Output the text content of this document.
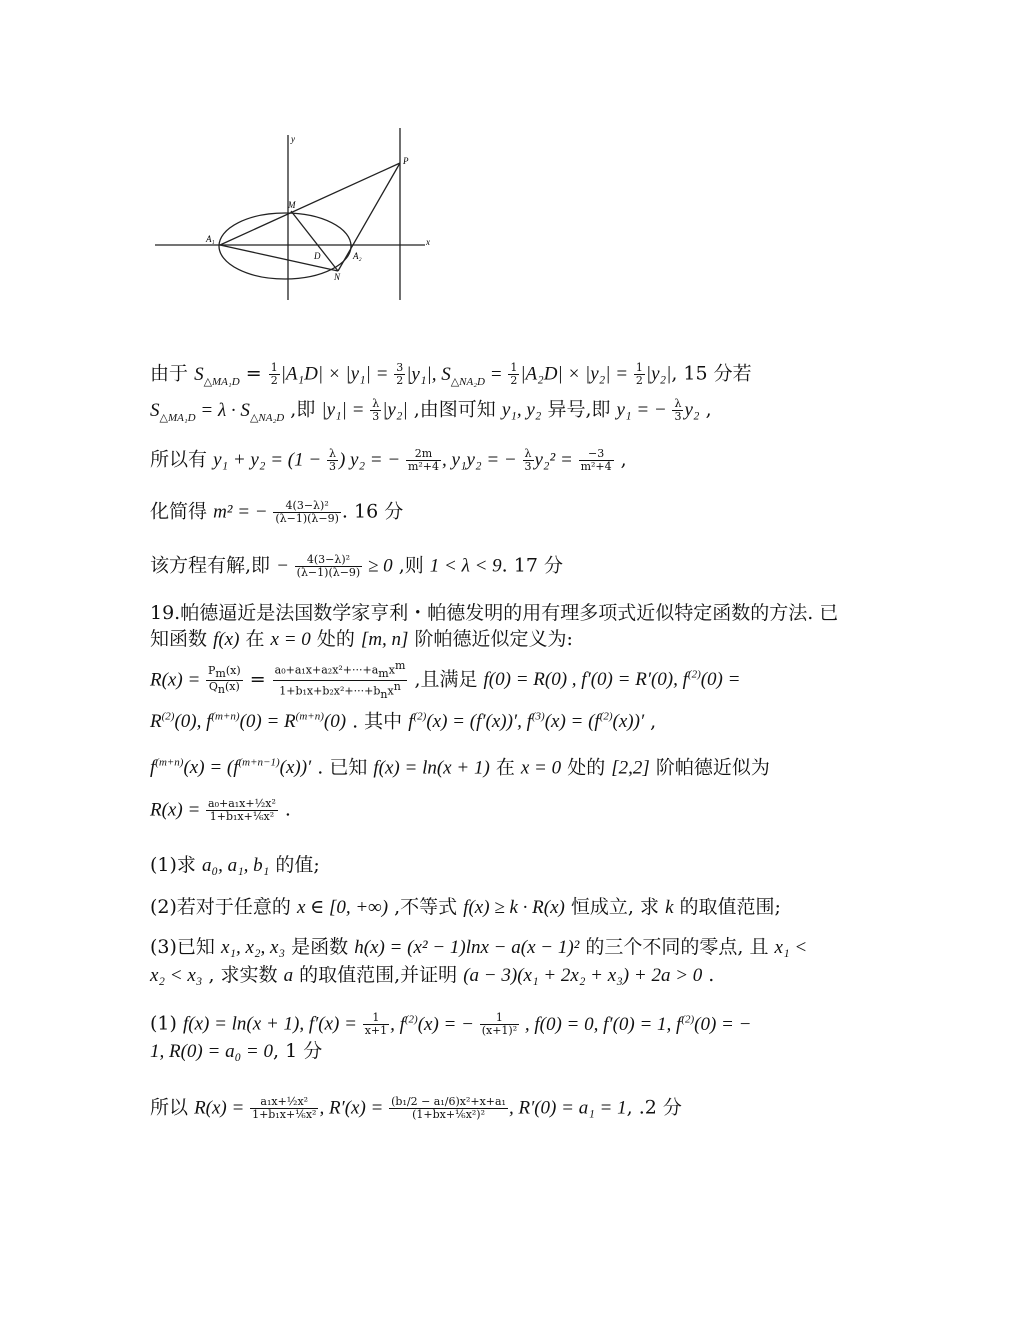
y
x
P
M
A₁
A₂
D
N
由于 $S_{\triangle MA_1D} = \frac{1}{2} |A_1D| \times |y_1| = \frac{3}{2} |y_1|$, $S_{\triangle NA_2D} = \frac{1}{2} |A_2D| \times |y_2| = \frac{1}{2} |y_2|$, 15 分若
$S_{\triangle MA_1D} = \lambda \cdot S_{\triangle NA_2D}$ ,即 $|y_1| = \frac{\lambda}{3} |y_2|$ ,由图可知 y₁, y₂ 异号,即 y₁ = − $\frac{\lambda}{3} y_2$ ,
所以有 $y_1 + y_2 = (1 - \frac{\lambda}{3}$ ) y₂ = − $\frac{2m}{\text{m²+4}}$ , y₁y₂ = − $\frac{\lambda}{3} y_2^2 = \frac{-3}{\text{m²+4}}$ ,
化简得 m² = − $\frac{\text{4(3−λ)²}}{(\lambda-1)(\lambda-9)}$ . 16 分
该方程有解,即 − $\frac{\text{4(3−λ)²}}{(\lambda-1)(\lambda-9)} \ge 0$ ,则 1 < λ < 9. 17 分
19.帕德逼近是法国数学家亨利・帕德发明的用有理多项式近似特定函数的方法. 已
知函数 f(x) 在 x = 0 处的 [m, n] 阶帕德近似定义为:
$R(x) = \frac{P_m(x)}{Q_n(x)} = \frac{a_0+a_1x+a_2x^2+\cdot\cdot\cdot+a_mx^m}{1+b_1x+b_2x^2+\cdot\cdot\cdot+b_nx^n}$ ,且满足 f(0) = R(0) , f′(0) = R′(0), $f^{(2)}(0)$ =
$R^{(2)}(0)$, $f^{(m+n)}(0) = R^{(m+n)}(0)$ . 其中 $f^{(2)}(x) = (f'(x))'$, $f^{(3)}(x) = (f^{(2)}(x))'$ ,
$f^{(m+n)}(x) = (f^{(m+n-1)}(x))'$ . 已知 f(x) = ln(x + 1) 在 x = 0 处的 [2,2] 阶帕德近似为
$R(x) = \frac{\text{a₀+a₁x+½x²}}{\text{1+b₁x+⅙x²}}$ .
(1)求 a₀, a₁, b₁ 的值;
(2)若对于任意的 x ∈ [0, +∞) ,不等式 f(x) ≥ k · R(x) 恒成立, 求 k 的取值范围;
(3)已知 x₁, x₂, x₃ 是函数 h(x) = (x² − 1)lnx − a(x − 1)² 的三个不同的零点, 且 x₁ <
x₂ < x₃ , 求实数 a 的取值范围,并证明 (a − 3)(x₁ + 2x₂ + x₃) + 2a > 0 .
(1) f(x) = ln(x + 1), $f'(x) = \frac{1}{x+1}$ , $f^{(2)}(x)$ = − $\frac{1}{\text{(x+1)²}}$ , f(0) = 0, f′(0) = 1, $f^{(2)}(0)$ = −
1, R(0) = a₀ = 0, 1 分
所以 $R(x) = \frac{\text{a₁x+½x²}}{\text{1+b₁x+⅙x²}}$ , $R'(x) = \frac{\text{(b₁/2 − a₁/6)x²+x+a₁}}{\text{(1+bx+⅙x²)²}}$ , R′(0) = a₁ = 1, .2 分
